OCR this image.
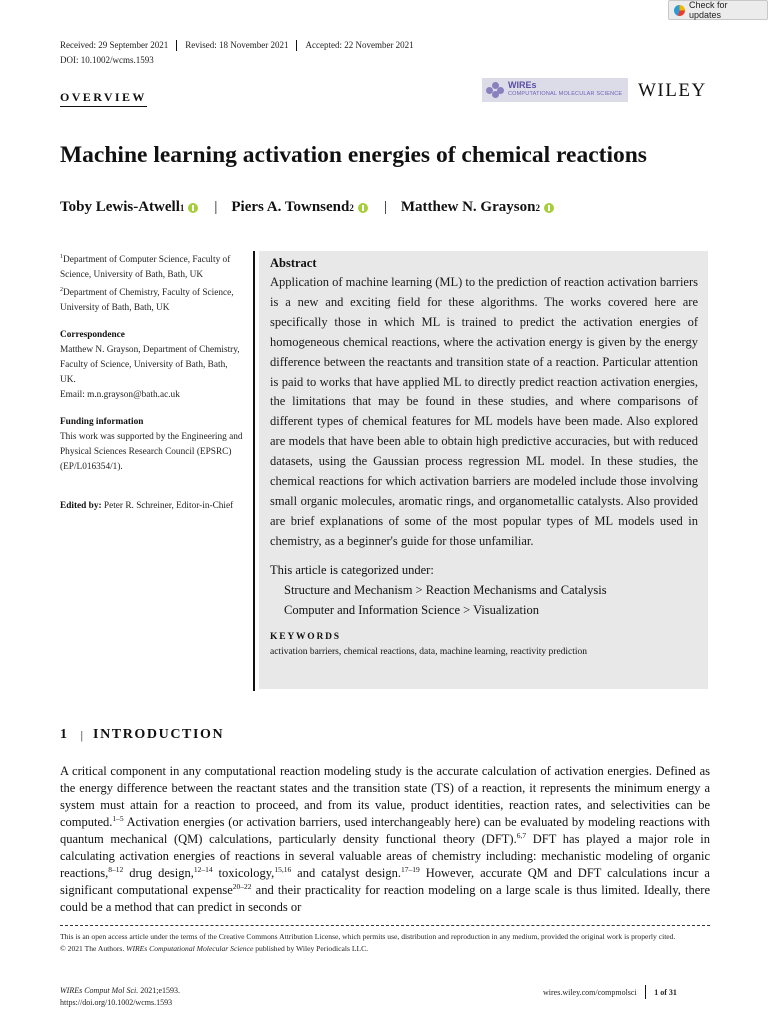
Check for updates
Received: 29 September 2021	Revised: 18 November 2021	Accepted: 22 November 2021
DOI: 10.1002/wcms.1593
OVERVIEW
WIREs
COMPUTATIONAL MOLECULAR SCIENCE WILEY
Machine learning activation energies of chemical reactions
Toby Lewis-Atwell 1 | Piers A. Townsend 2 | Matthew N. Grayson 2
$^1$Department of Computer Science, Faculty of Science, University of Bath, Bath, UK
$^2$Department of Chemistry, Faculty of Science, University of Bath, Bath, UK
Correspondence
Matthew N. Grayson, Department of Chemistry, Faculty of Science, University of Bath, Bath, UK.
Email: m.n.grayson@bath.ac.uk
Funding information
This work was supported by the Engineering and Physical Sciences Research Council (EPSRC) (EP/L016354/1).
Edited by: Peter R. Schreiner, Editor-in-Chief
Abstract

Application of machine learning (ML) to the prediction of reaction activation barriers is a new and exciting field for these algorithms. The works covered here are specifically those in which ML is trained to predict the activation energies of homogeneous chemical reactions, where the activation energy is given by the energy difference between the reactants and transition state of a reaction. Particular attention is paid to works that have applied ML to directly predict reaction activation energies, the limitations that may be found in these studies, and where comparisons of different types of chemical features for ML models have been made. Also explored are models that have been able to obtain high predictive accuracies, but with reduced datasets, using the Gaussian process regression ML model. In these studies, the chemical reactions for which activation barriers are modeled include those involving small organic molecules, aromatic rings, and organometallic catalysts. Also provided are brief explanations of some of the most popular types of ML models used in chemistry, as a beginner's guide for those unfamiliar.

This article is categorized under:
Structure and Mechanism > Reaction Mechanisms and Catalysis
Computer and Information Science > Visualization
KEYWORDS
activation barriers, chemical reactions, data, machine learning, reactivity prediction
1 | INTRODUCTION

A critical component in any computational reaction modeling study is the accurate calculation of activation energies. Defined as the energy difference between the reactant states and the transition state (TS) of a reaction, it represents the minimum energy a system must attain for a reaction to proceed, and from its value, product identities, reaction rates, and selectivities can be computed.$^{1-5}$ Activation energies (or activation barriers, used interchangeably here) can be evaluated by modeling reactions with quantum mechanical (QM) calculations, particularly density functional theory (DFT).$^{6,7}$ DFT has played a major role in calculating activation energies of reactions in several valuable areas of chemistry including: mechanistic modeling of organic reactions,$^{8-12}$ drug design,$^{12-14}$ toxicology,$^{15,16}$ and catalyst design.$^{17-19}$ However, accurate QM and DFT calculations incur a significant computational expense$^{20-22}$ and their practicality for reaction modeling on a large scale is thus limited. Ideally, there could be a method that can predict in seconds or

This is an open access article under the terms of the Creative Commons Attribution License, which permits use, distribution and reproduction in any medium, provided the original work is properly cited.
© 2021 The Authors. WIREs Computational Molecular Science published by Wiley Periodicals LLC.
WIREs Comput Mol Sci. 2021;e1593.
https://doi.org/10.1002/wcms.1593
wires.wiley.com/compmolsci 1 of 31
